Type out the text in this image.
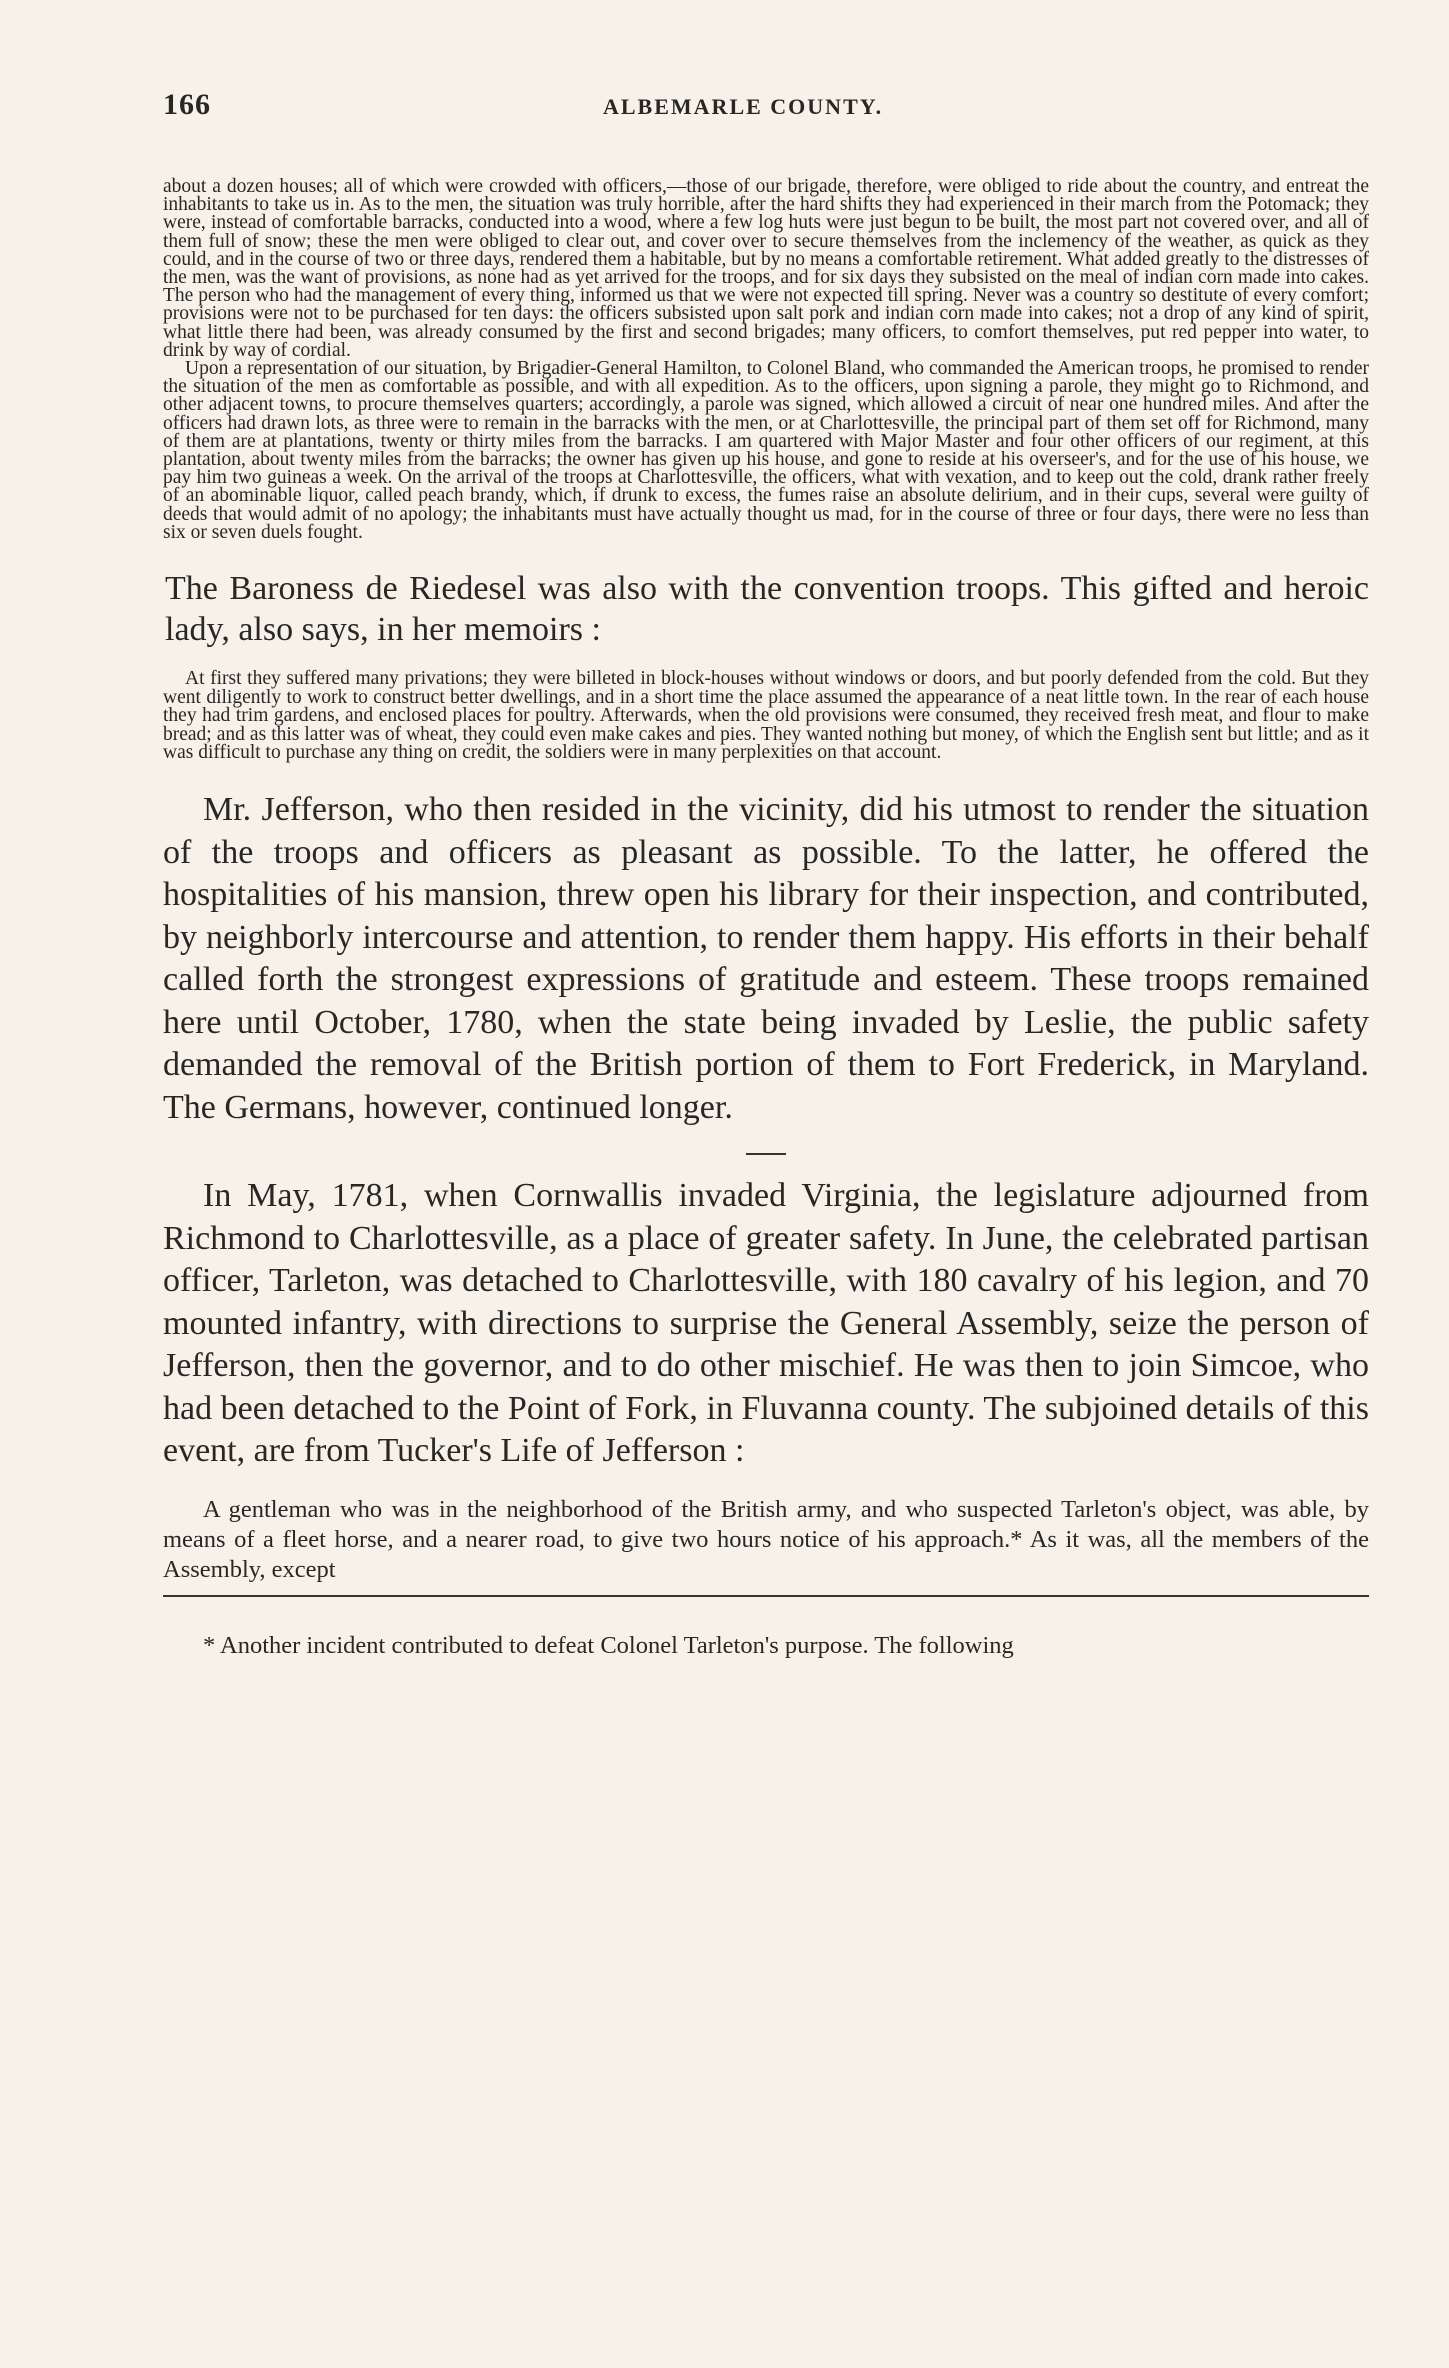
166	ALBEMARLE COUNTY.

about a dozen houses; all of which were crowded with officers,—those of our brigade, therefore, were obliged to ride about the country, and entreat the inhabitants to take us in. As to the men, the situation was truly horrible, after the hard shifts they had experienced in their march from the Potomack; they were, instead of comfortable barracks, conducted into a wood, where a few log huts were just begun to be built, the most part not covered over, and all of them full of snow; these the men were obliged to clear out, and cover over to secure themselves from the inclemency of the weather, as quick as they could, and in the course of two or three days, rendered them a habitable, but by no means a comfortable retirement. What added greatly to the distresses of the men, was the want of provisions, as none had as yet arrived for the troops, and for six days they subsisted on the meal of indian corn made into cakes. The person who had the management of every thing, informed us that we were not expected till spring. Never was a country so destitute of every comfort; provisions were not to be purchased for ten days: the officers subsisted upon salt pork and indian corn made into cakes; not a drop of any kind of spirit, what little there had been, was already consumed by the first and second brigades; many officers, to comfort themselves, put red pepper into water, to drink by way of cordial.

Upon a representation of our situation, by Brigadier-General Hamilton, to Colonel Bland, who commanded the American troops, he promised to render the situation of the men as comfortable as possible, and with all expedition. As to the officers, upon signing a parole, they might go to Richmond, and other adjacent towns, to procure themselves quarters; accordingly, a parole was signed, which allowed a circuit of near one hundred miles. And after the officers had drawn lots, as three were to remain in the barracks with the men, or at Charlottesville, the principal part of them set off for Richmond, many of them are at plantations, twenty or thirty miles from the barracks. I am quartered with Major Master and four other officers of our regiment, at this plantation, about twenty miles from the barracks; the owner has given up his house, and gone to reside at his overseer's, and for the use of his house, we pay him two guineas a week. On the arrival of the troops at Charlottesville, the officers, what with vexation, and to keep out the cold, drank rather freely of an abominable liquor, called peach brandy, which, if drunk to excess, the fumes raise an absolute delirium, and in their cups, several were guilty of deeds that would admit of no apology; the inhabitants must have actually thought us mad, for in the course of three or four days, there were no less than six or seven duels fought.

The Baroness de Riedesel was also with the convention troops. This gifted and heroic lady, also says, in her memoirs :

At first they suffered many privations; they were billeted in block-houses without windows or doors, and but poorly defended from the cold. But they went diligently to work to construct better dwellings, and in a short time the place assumed the appearance of a neat little town. In the rear of each house they had trim gardens, and enclosed places for poultry. Afterwards, when the old provisions were consumed, they received fresh meat, and flour to make bread; and as this latter was of wheat, they could even make cakes and pies. They wanted nothing but money, of which the English sent but little; and as it was difficult to purchase any thing on credit, the soldiers were in many perplexities on that account.

Mr. Jefferson, who then resided in the vicinity, did his utmost to render the situation of the troops and officers as pleasant as possible. To the latter, he offered the hospitalities of his mansion, threw open his library for their inspection, and contributed, by neighborly intercourse and attention, to render them happy. His efforts in their behalf called forth the strongest expressions of gratitude and esteem. These troops remained here until October, 1780, when the state being invaded by Leslie, the public safety demanded the removal of the British portion of them to Fort Frederick, in Maryland. The Germans, however, continued longer.

In May, 1781, when Cornwallis invaded Virginia, the legislature adjourned from Richmond to Charlottesville, as a place of greater safety. In June, the celebrated partisan officer, Tarleton, was detached to Charlottesville, with 180 cavalry of his legion, and 70 mounted infantry, with directions to surprise the General Assembly, seize the person of Jefferson, then the governor, and to do other mischief. He was then to join Simcoe, who had been detached to the Point of Fork, in Fluvanna county. The subjoined details of this event, are from Tucker's Life of Jefferson :

A gentleman who was in the neighborhood of the British army, and who suspected Tarleton's object, was able, by means of a fleet horse, and a nearer road, to give two hours notice of his approach.* As it was, all the members of the Assembly, except

* Another incident contributed to defeat Colonel Tarleton's purpose. The following
